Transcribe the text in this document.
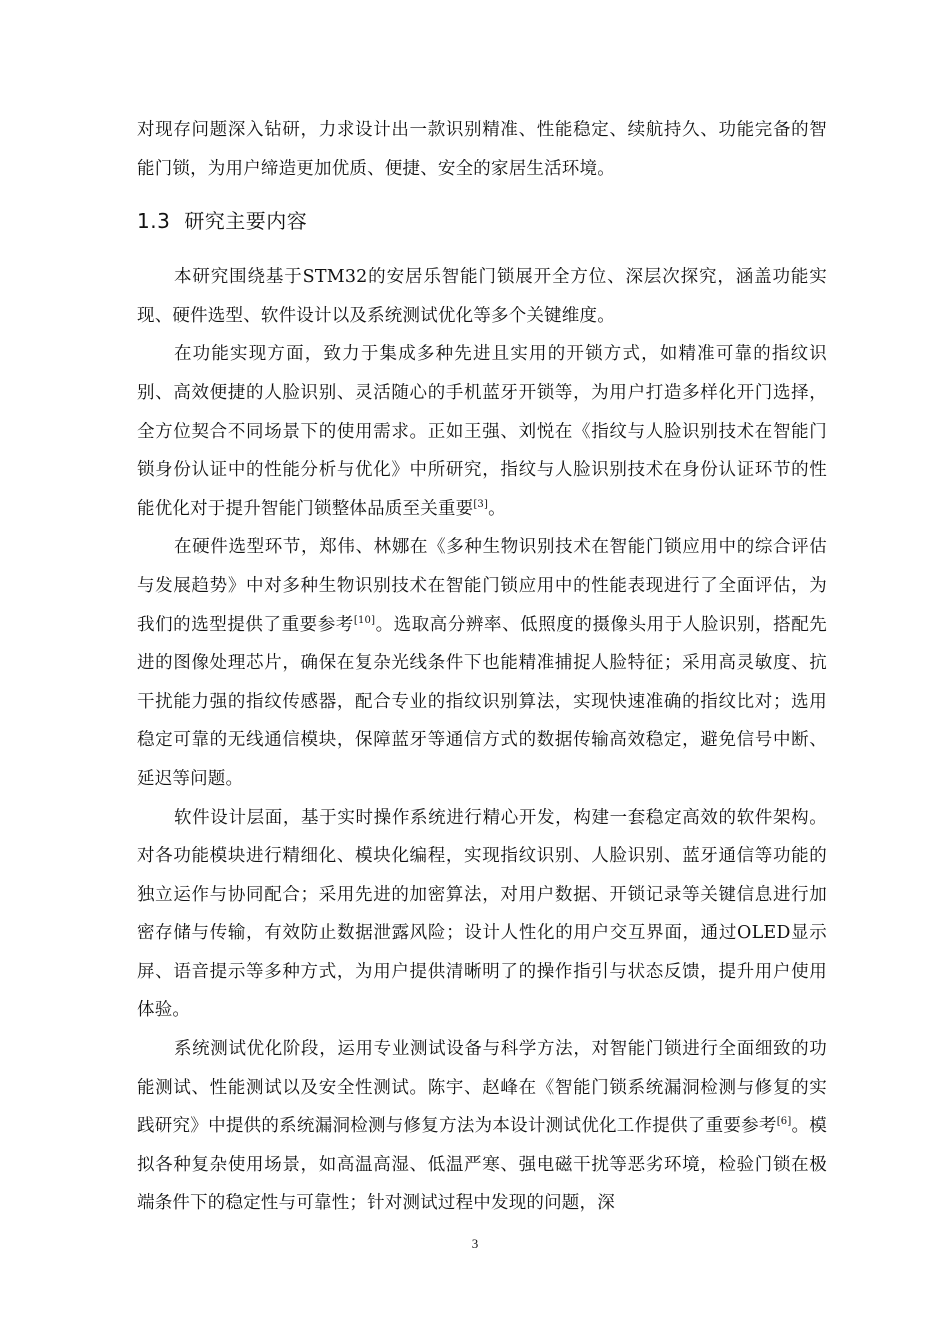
对现存问题深入钻研，力求设计出一款识别精准、性能稳定、续航持久、功能完备的智能门锁，为用户缔造更加优质、便捷、安全的家居生活环境。

1.3 研究主要内容

本研究围绕基于STM32的安居乐智能门锁展开全方位、深层次探究，涵盖功能实现、硬件选型、软件设计以及系统测试优化等多个关键维度。

在功能实现方面，致力于集成多种先进且实用的开锁方式，如精准可靠的指纹识别、高效便捷的人脸识别、灵活随心的手机蓝牙开锁等，为用户打造多样化开门选择，全方位契合不同场景下的使用需求。正如王强、刘悦在《指纹与人脸识别技术在智能门锁身份认证中的性能分析与优化》中所研究，指纹与人脸识别技术在身份认证环节的性能优化对于提升智能门锁整体品质至关重要[3]。

在硬件选型环节，郑伟、林娜在《多种生物识别技术在智能门锁应用中的综合评估与发展趋势》中对多种生物识别技术在智能门锁应用中的性能表现进行了全面评估，为我们的选型提供了重要参考[10]。选取高分辨率、低照度的摄像头用于人脸识别，搭配先进的图像处理芯片，确保在复杂光线条件下也能精准捕捉人脸特征；采用高灵敏度、抗干扰能力强的指纹传感器，配合专业的指纹识别算法，实现快速准确的指纹比对；选用稳定可靠的无线通信模块，保障蓝牙等通信方式的数据传输高效稳定，避免信号中断、延迟等问题。

软件设计层面，基于实时操作系统进行精心开发，构建一套稳定高效的软件架构。对各功能模块进行精细化、模块化编程，实现指纹识别、人脸识别、蓝牙通信等功能的独立运作与协同配合；采用先进的加密算法，对用户数据、开锁记录等关键信息进行加密存储与传输，有效防止数据泄露风险；设计人性化的用户交互界面，通过OLED显示屏、语音提示等多种方式，为用户提供清晰明了的操作指引与状态反馈，提升用户使用体验。

系统测试优化阶段，运用专业测试设备与科学方法，对智能门锁进行全面细致的功能测试、性能测试以及安全性测试。陈宇、赵峰在《智能门锁系统漏洞检测与修复的实践研究》中提供的系统漏洞检测与修复方法为本设计测试优化工作提供了重要参考[6]。模拟各种复杂使用场景，如高温高湿、低温严寒、强电磁干扰等恶劣环境，检验门锁在极端条件下的稳定性与可靠性；针对测试过程中发现的问题，深

3
